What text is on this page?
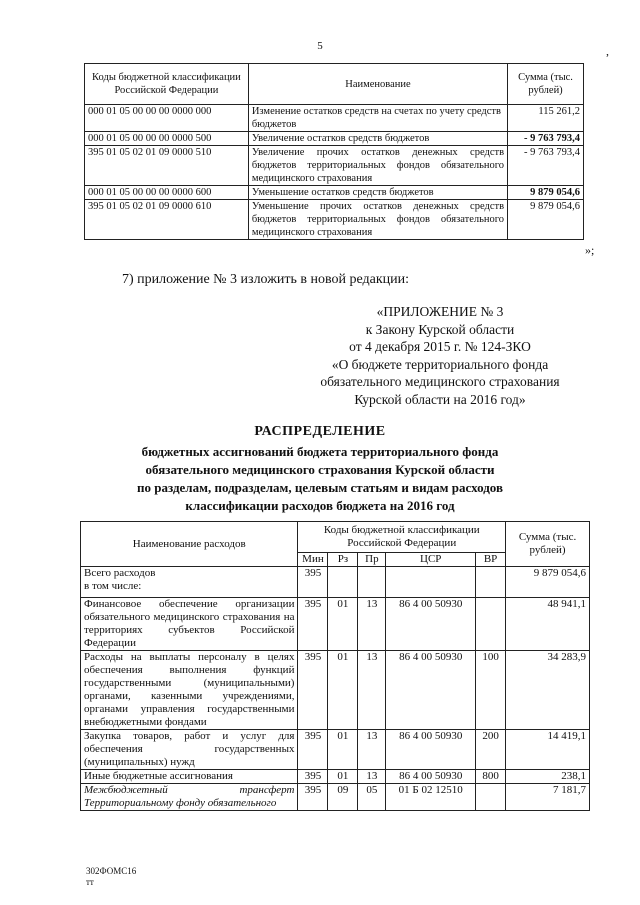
5	,
Коды бюджетной классификации Российской Федерации	Наименование	Сумма (тыс. рублей)
000 01 05 00 00 00 0000 000	Изменение остатков средств на счетах по учету средств бюджетов	115 261,2
000 01 05 00 00 00 0000 500	Увеличение остатков средств бюджетов	- 9 763 793,4
395 01 05 02 01 09 0000 510	Увеличение прочих остатков денежных средств бюджетов территориальных фондов обязательного медицинского страхования	- 9 763 793,4
000 01 05 00 00 00 0000 600	Уменьшение остатков средств бюджетов	9 879 054,6
395 01 05 02 01 09 0000 610	Уменьшение прочих остатков денежных средств бюджетов территориальных фондов обязательного медицинского страхования	9 879 054,6
»;
7) приложение № 3 изложить в новой редакции:
«ПРИЛОЖЕНИЕ № 3
к Закону Курской области
от 4 декабря 2015 г. № 124-ЗКО
«О бюджете территориального фонда
обязательного медицинского страхования
Курской области на 2016 год»
РАСПРЕДЕЛЕНИЕ
бюджетных ассигнований бюджета территориального фонда
обязательного медицинского страхования Курской области
по разделам, подразделам, целевым статьям и видам расходов
классификации расходов бюджета на 2016 год
Наименование расходов	Коды бюджетной классификации Российской Федерации					Сумма (тыс. рублей)
	Мин	Рз	Пр	ЦСР	ВР	
Всего расходов
в том числе:	395					9 879 054,6
Финансовое обеспечение организации обязательного медицинского страхования на территориях субъектов Российской Федерации	395	01	13	86 4 00 50930		48 941,1
Расходы на выплаты персоналу в целях обеспечения выполнения функций государственными (муниципальными) органами, казенными учреждениями, органами управления государственными внебюджетными фондами	395	01	13	86 4 00 50930	100	34 283,9
Закупка товаров, работ и услуг для обеспечения государственных (муниципальных) нужд	395	01	13	86 4 00 50930	200	14 419,1
Иные бюджетные ассигнования	395	01	13	86 4 00 50930	800	238,1
Межбюджетный трансферт Территориальному фонду обязательного	395	09	05	01 Б 02 12510		7 181,7
302ФОМС16
тт
